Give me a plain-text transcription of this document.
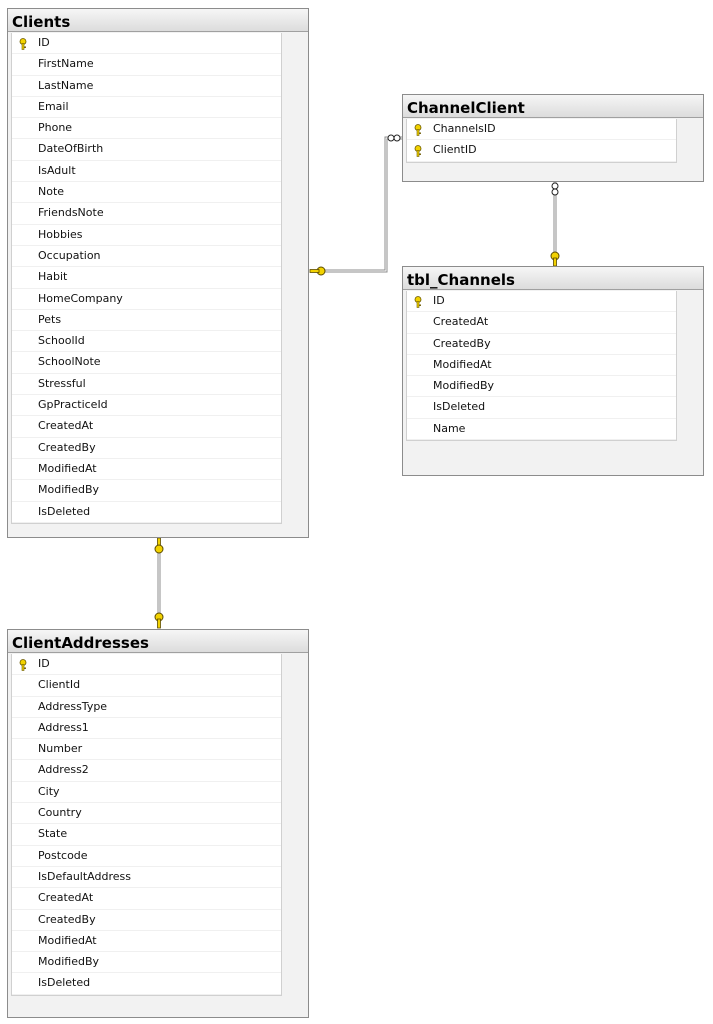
Clients
ID
FirstName
LastName
Email
Phone
DateOfBirth
IsAdult
Note
FriendsNote
Hobbies
Occupation
Habit
HomeCompany
Pets
SchoolId
SchoolNote
Stressful
GpPracticeId
CreatedAt
CreatedBy
ModifiedAt
ModifiedBy
IsDeleted
ChannelClient
ChannelsID
ClientID
tbl_Channels
ID
CreatedAt
CreatedBy
ModifiedAt
ModifiedBy
IsDeleted
Name
ClientAddresses
ID
ClientId
AddressType
Address1
Number
Address2
City
Country
State
Postcode
IsDefaultAddress
CreatedAt
CreatedBy
ModifiedAt
ModifiedBy
IsDeleted
